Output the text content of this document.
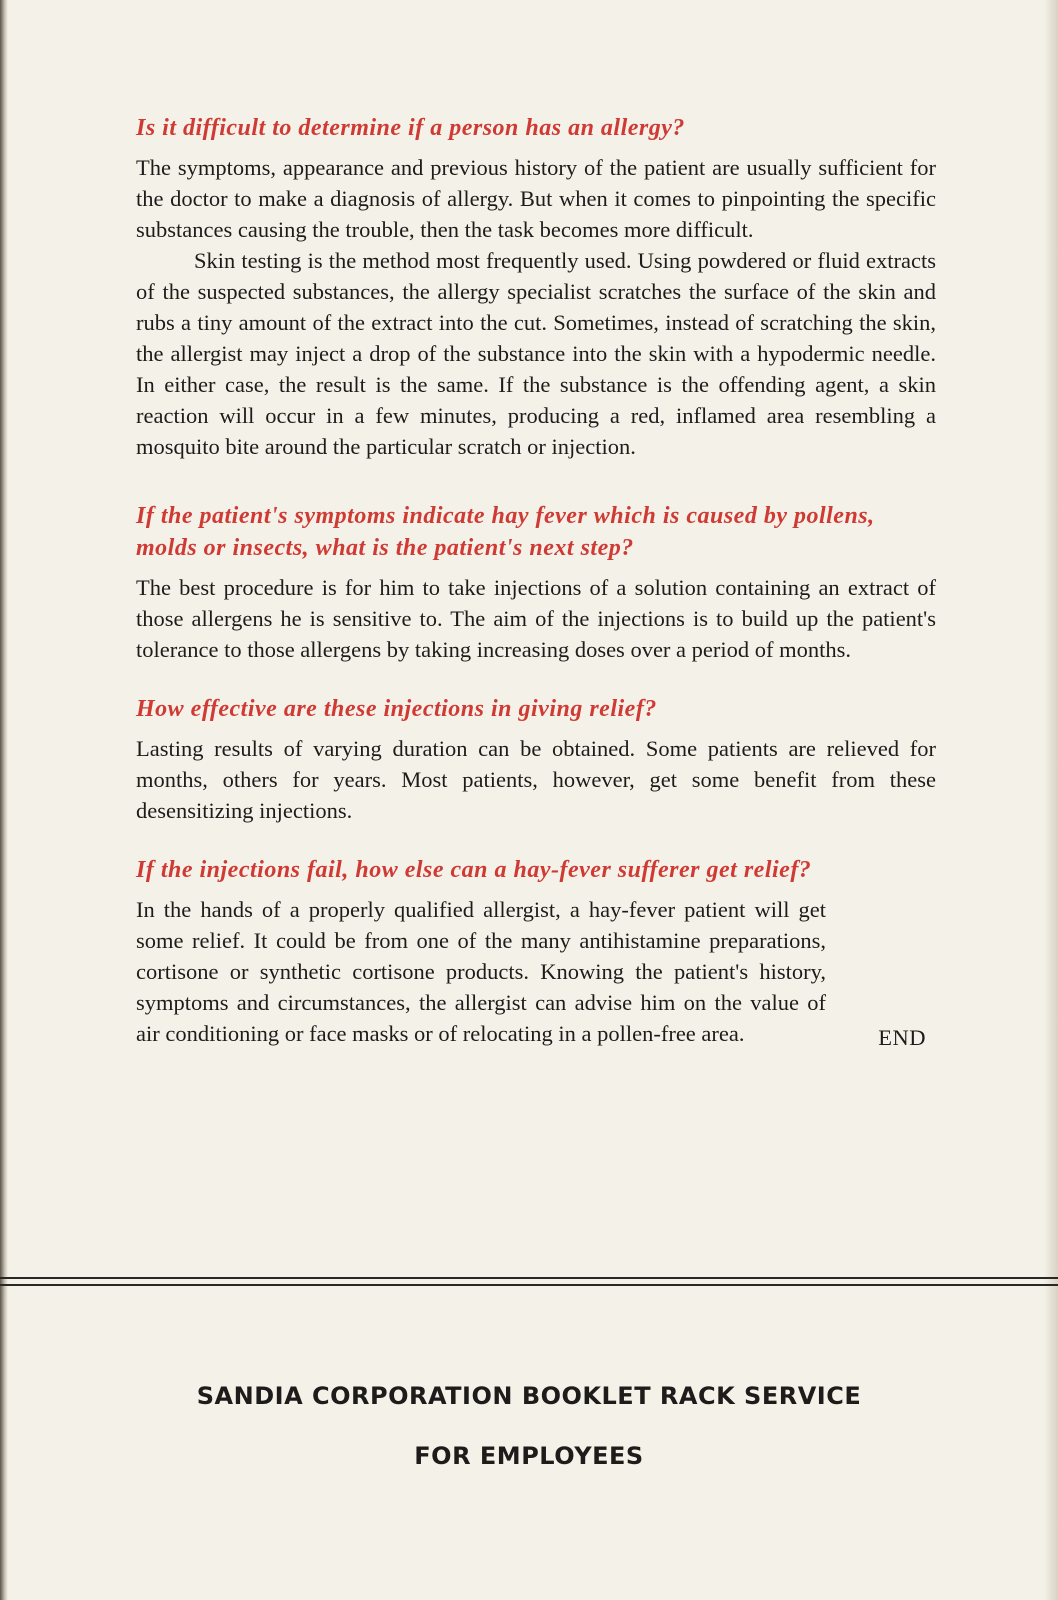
Is it difficult to determine if a person has an allergy?

The symptoms, appearance and previous history of the patient are usually sufficient for the doctor to make a diagnosis of allergy. But when it comes to pinpointing the specific substances causing the trouble, then the task becomes more difficult.

Skin testing is the method most frequently used. Using powdered or fluid extracts of the suspected substances, the allergy specialist scratches the surface of the skin and rubs a tiny amount of the extract into the cut. Sometimes, instead of scratching the skin, the allergist may inject a drop of the substance into the skin with a hypodermic needle. In either case, the result is the same. If the substance is the offending agent, a skin reaction will occur in a few minutes, producing a red, inflamed area resembling a mosquito bite around the particular scratch or injection.

If the patient's symptoms indicate hay fever which is caused by pollens, molds or insects, what is the patient's next step?

The best procedure is for him to take injections of a solution containing an extract of those allergens he is sensitive to. The aim of the injections is to build up the patient's tolerance to those allergens by taking increasing doses over a period of months.

How effective are these injections in giving relief?

Lasting results of varying duration can be obtained. Some patients are relieved for months, others for years. Most patients, however, get some benefit from these desensitizing injections.

If the injections fail, how else can a hay-fever sufferer get relief?

In the hands of a properly qualified allergist, a hay-fever patient will get some relief. It could be from one of the many antihistamine preparations, cortisone or synthetic cortisone products. Knowing the patient's history, symptoms and circumstances, the allergist can advise him on the value of air conditioning or face masks or of relocating in a pollen-free area.	END
SANDIA CORPORATION BOOKLET RACK SERVICE
FOR EMPLOYEES
